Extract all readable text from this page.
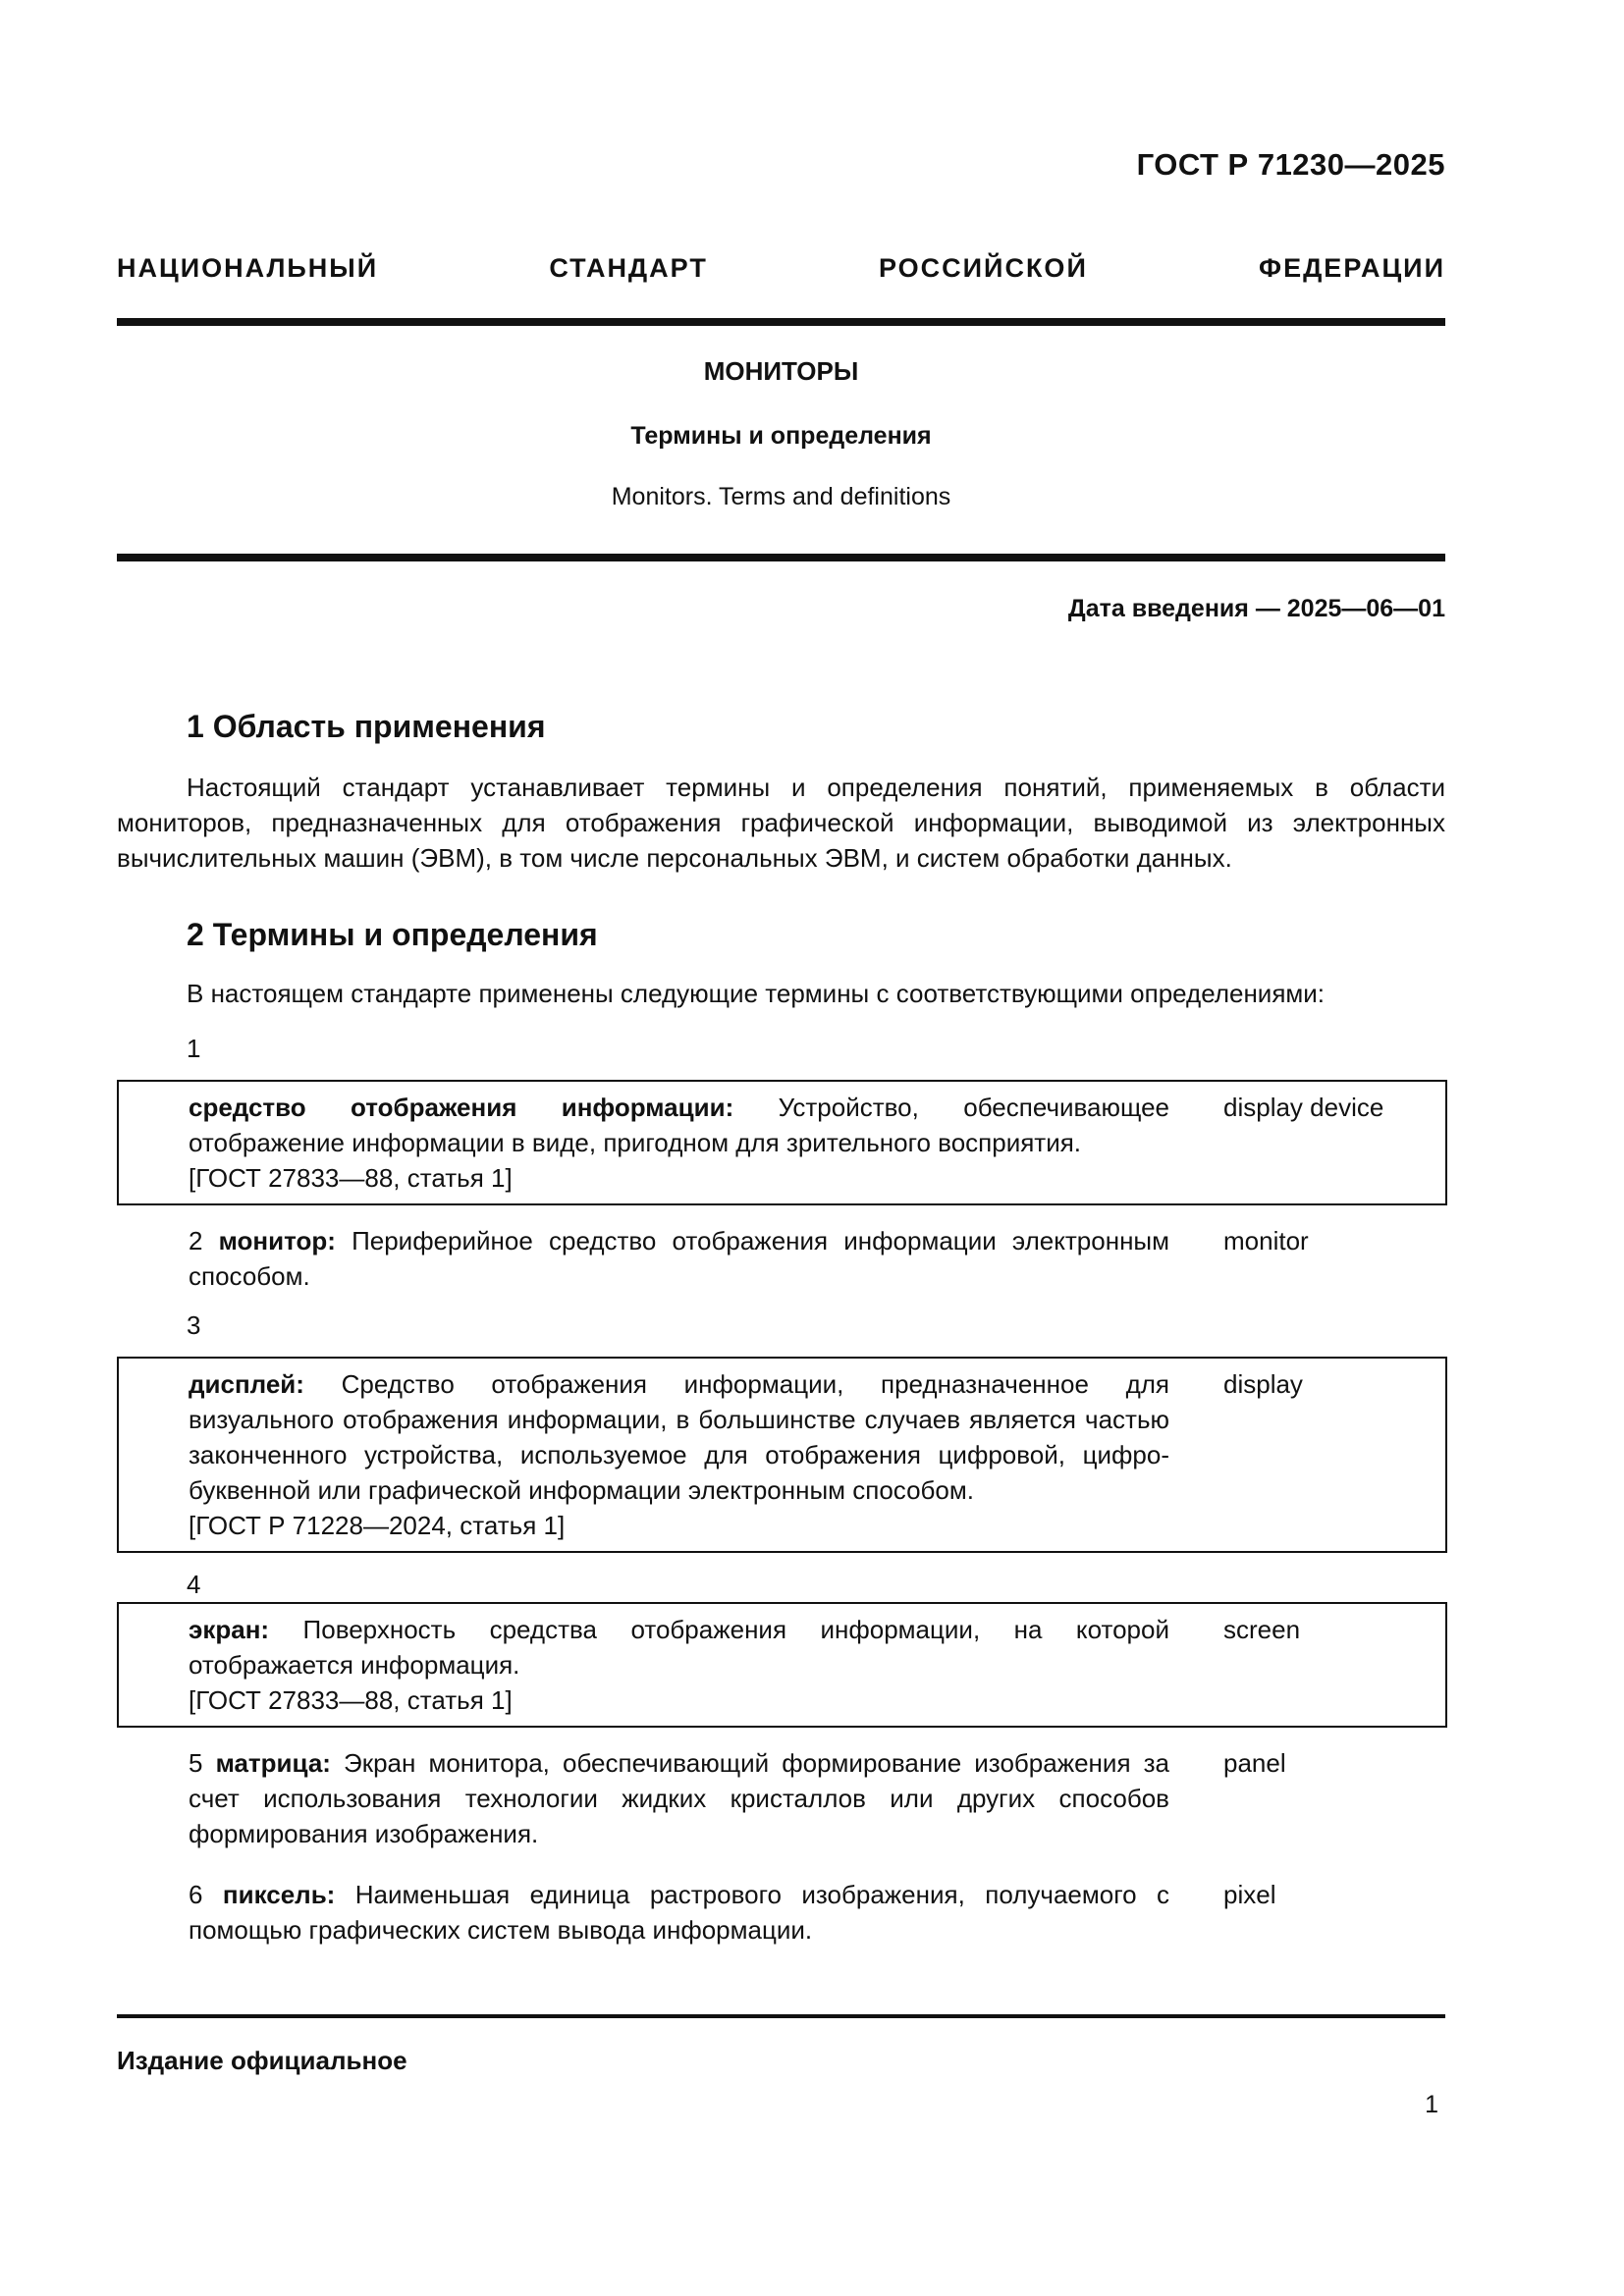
ГОСТ Р 71230—2025
НАЦИОНАЛЬНЫЙ СТАНДАРТ РОССИЙСКОЙ ФЕДЕРАЦИИ
МОНИТОРЫ
Термины и определения
Monitors. Terms and definitions
Дата введения — 2025—06—01
1 Область применения
Настоящий стандарт устанавливает термины и определения понятий, применяемых в области мониторов, предназначенных для отображения графической информации, выводимой из электронных вычислительных машин (ЭВМ), в том числе персональных ЭВМ, и систем обработки данных.
2 Термины и определения
В настоящем стандарте применены следующие термины с соответствующими определениями:
1
средство отображения информации: Устройство, обеспечивающее отображение информации в виде, пригодном для зрительного восприятия.
[ГОСТ 27833—88, статья 1]
display device
2 монитор: Периферийное средство отображения информации электронным способом.
monitor
3
дисплей: Средство отображения информации, предназначенное для визуального отображения информации, в большинстве случаев является частью законченного устройства, используемое для отображения цифровой, цифро-буквенной или графической информации электронным способом.
[ГОСТ Р 71228—2024, статья 1]
display
4
экран: Поверхность средства отображения информации, на которой отображается информация.
[ГОСТ 27833—88, статья 1]
screen
5 матрица: Экран монитора, обеспечивающий формирование изображения за счет использования технологии жидких кристаллов или других способов формирования изображения.
panel
6 пиксель: Наименьшая единица растрового изображения, получаемого с помощью графических систем вывода информации.
pixel
Издание официальное
1
